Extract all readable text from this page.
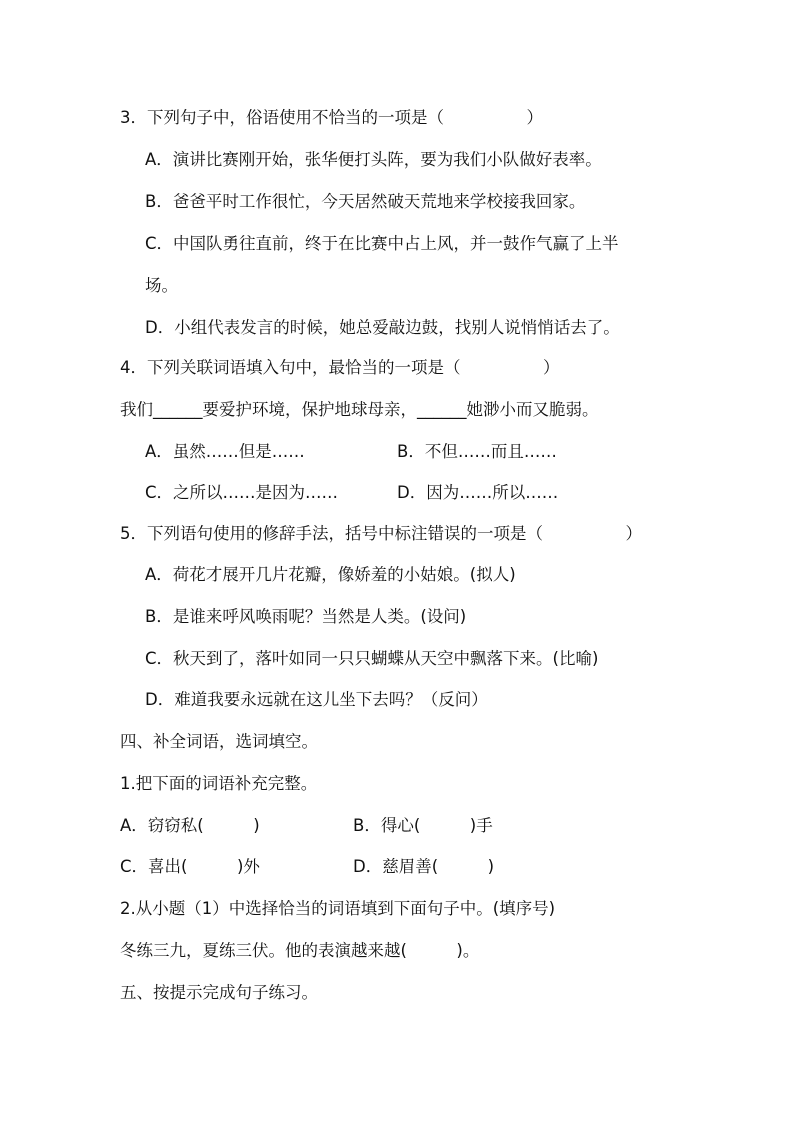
3．下列句子中，俗语使用不恰当的一项是（　　　　　）
A．演讲比赛刚开始，张华便打头阵，要为我们小队做好表率。
B．爸爸平时工作很忙，今天居然破天荒地来学校接我回家。
C．中国队勇往直前，终于在比赛中占上风，并一鼓作气赢了上半
场。
D．小组代表发言的时候，她总爱敲边鼓，找别人说悄悄话去了。
4．下列关联词语填入句中，最恰当的一项是（　　　　　）
我们______要爱护环境，保护地球母亲，______她渺小而又脆弱。
A．虽然……但是……	B．不但……而且……
C．之所以……是因为……	D．因为……所以……
5．下列语句使用的修辞手法，括号中标注错误的一项是（　　　　　）
A．荷花才展开几片花瓣，像娇羞的小姑娘。(拟人)
B．是谁来呼风唤雨呢？当然是人类。(设问)
C．秋天到了，落叶如同一只只蝴蝶从天空中飘落下来。(比喻)
D．难道我要永远就在这儿坐下去吗？（反问）
四、补全词语，选词填空。
1.把下面的词语补充完整。
A．窃窃私(　　　)	B．得心(　　　)手
C．喜出(　　　)外	D．慈眉善(　　　)
2.从小题（1）中选择恰当的词语填到下面句子中。(填序号)
冬练三九，夏练三伏。他的表演越来越(　　　)。
五、按提示完成句子练习。
